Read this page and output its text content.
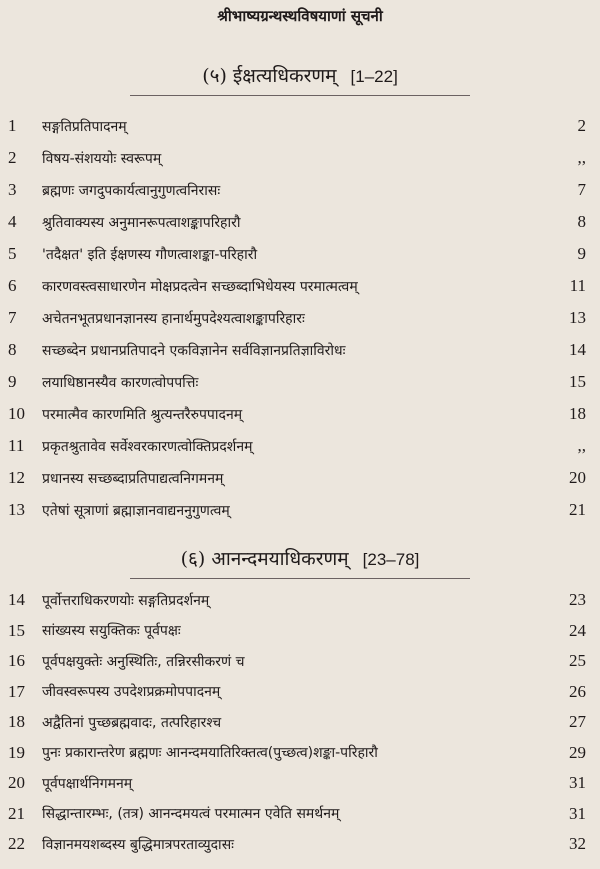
श्रीभाष्यग्रन्थस्थविषयाणां सूचनी
(५) ईक्षत्यधिकरणम् [1–22]
1	सङ्गतिप्रतिपादनम्	2
2	विषय-संशययोः स्वरूपम्	,,
3	ब्रह्मणः जगदुपकार्यत्वानुगुणत्वनिरासः	7
4	श्रुतिवाक्यस्य अनुमानरूपत्वाशङ्कापरिहारौ	8
5	'तदैक्षत' इति ईक्षणस्य गौणत्वाशङ्का-परिहारौ	9
6	कारणवस्त्वसाधारणेन मोक्षप्रदत्वेन सच्छब्दाभिधेयस्य परमात्मत्वम्	11
7	अचेतनभूतप्रधानज्ञानस्य हानार्थमुपदेश्यत्वाशङ्कापरिहारः	13
8	सच्छब्देन प्रधानप्रतिपादने एकविज्ञानेन सर्वविज्ञानप्रतिज्ञाविरोधः	14
9	लयाधिष्ठानस्यैव कारणत्वोपपत्तिः	15
10	परमात्मैव कारणमिति श्रुत्यन्तरैरुपपादनम्	18
11	प्रकृतश्रुतावेव सर्वेश्वरकारणत्वोक्तिप्रदर्शनम्	,,
12	प्रधानस्य सच्छब्दाप्रतिपाद्यत्वनिगमनम्	20
13	एतेषां सूत्राणां ब्रह्माज्ञानवाद्यननुगुणत्वम्	21
(६) आनन्दमयाधिकरणम् [23–78]
14	पूर्वोत्तराधिकरणयोः सङ्गतिप्रदर्शनम्	23
15	सांख्यस्य सयुक्तिकः पूर्वपक्षः	24
16	पूर्वपक्षयुक्तेः अनुस्थितिः, तन्निरसीकरणं च	25
17	जीवस्वरूपस्य उपदेशप्रक्रमोपपादनम्	26
18	अद्वैतिनां पुच्छब्रह्मवादः, तत्परिहारश्च	27
19	पुनः प्रकारान्तरेण ब्रह्मणः आनन्दमयातिरिक्तत्व(पुच्छत्व)शङ्का-परिहारौ	29
20	पूर्वपक्षार्थनिगमनम्	31
21	सिद्धान्तारम्भः, (तत्र) आनन्दमयत्वं परमात्मन एवेति समर्थनम्	31
22	विज्ञानमयशब्दस्य बुद्धिमात्रपरताव्युदासः	32
